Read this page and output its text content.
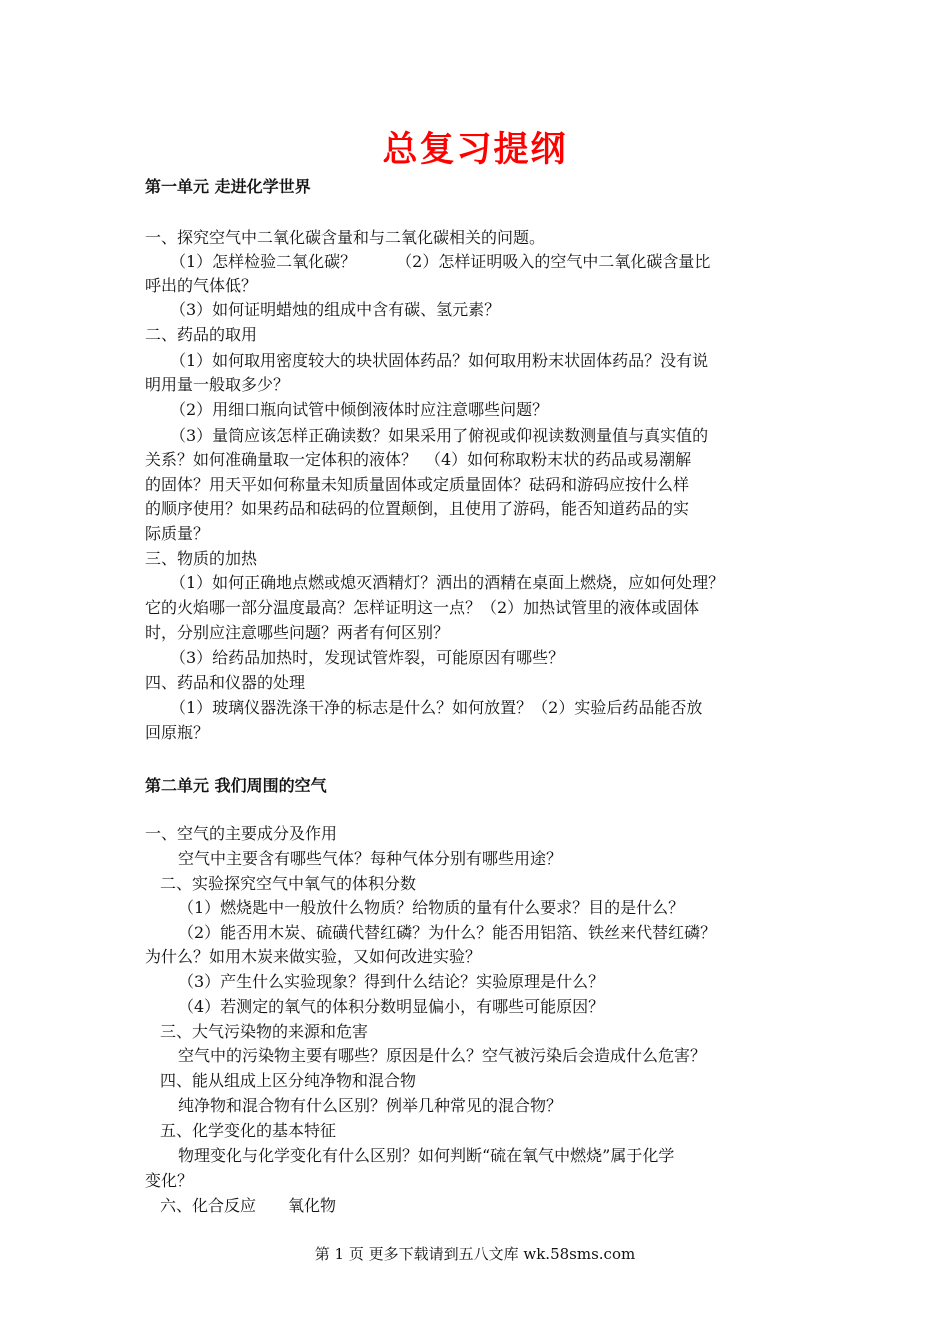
总复习提纲
第一单元 走进化学世界
一、探究空气中二氧化碳含量和与二氧化碳相关的问题。
（1）怎样检验二氧化碳？　　　（2）怎样证明吸入的空气中二氧化碳含量比
呼出的气体低？
（3）如何证明蜡烛的组成中含有碳、氢元素？
二、药品的取用
（1）如何取用密度较大的块状固体药品？如何取用粉末状固体药品？没有说
明用量一般取多少？
（2）用细口瓶向试管中倾倒液体时应注意哪些问题？
（3）量筒应该怎样正确读数？如果采用了俯视或仰视读数测量值与真实值的
关系？如何准确量取一定体积的液体？　（4）如何称取粉末状的药品或易潮解
的固体？用天平如何称量未知质量固体或定质量固体？砝码和游码应按什么样
的顺序使用？如果药品和砝码的位置颠倒，且使用了游码，能否知道药品的实
际质量？
三、物质的加热
（1）如何正确地点燃或熄灭酒精灯？洒出的酒精在桌面上燃烧，应如何处理？
它的火焰哪一部分温度最高？怎样证明这一点？（2）加热试管里的液体或固体
时，分别应注意哪些问题？两者有何区别？
（3）给药品加热时，发现试管炸裂，可能原因有哪些？
四、药品和仪器的处理
（1）玻璃仪器洗涤干净的标志是什么？如何放置？（2）实验后药品能否放
回原瓶？
第二单元 我们周围的空气
一、空气的主要成分及作用
空气中主要含有哪些气体？每种气体分别有哪些用途？
二、实验探究空气中氧气的体积分数
（1）燃烧匙中一般放什么物质？给物质的量有什么要求？目的是什么？
（2）能否用木炭、硫磺代替红磷？为什么？能否用铝箔、铁丝来代替红磷？
为什么？如用木炭来做实验，又如何改进实验？
（3）产生什么实验现象？得到什么结论？实验原理是什么？
（4）若测定的氧气的体积分数明显偏小，有哪些可能原因？
三、大气污染物的来源和危害
空气中的污染物主要有哪些？原因是什么？空气被污染后会造成什么危害？
四、能从组成上区分纯净物和混合物
纯净物和混合物有什么区别？例举几种常见的混合物？
五、化学变化的基本特征
物理变化与化学变化有什么区别？如何判断“硫在氧气中燃烧”属于化学
变化？
六、化合反应　　氧化物
第 1 页 更多下载请到五八文库 wk.58sms.com
